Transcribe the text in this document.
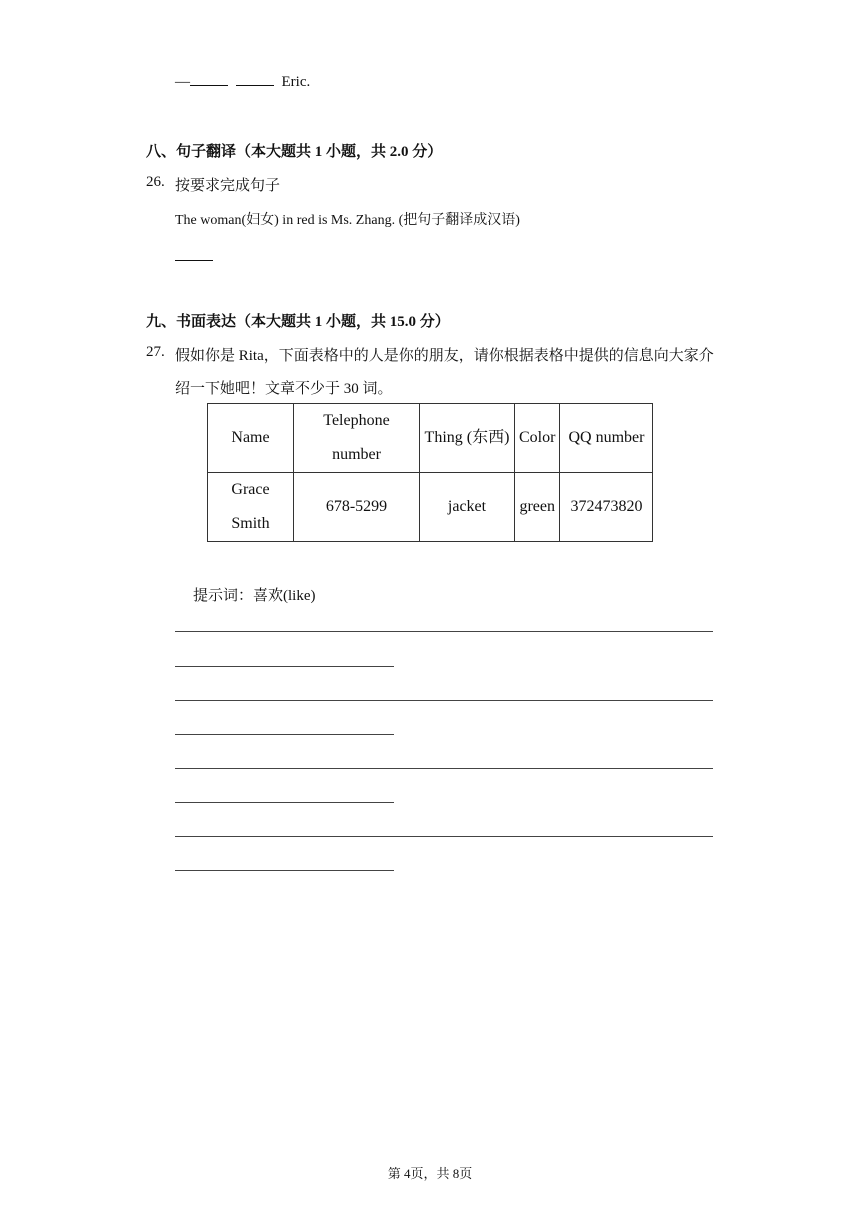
—	Eric.
八、句子翻译（本大题共 1 小题，共 2.0 分）
26. 按要求完成句子
The woman(妇女) in red is Ms. Zhang. (把句子翻译成汉语)
九、书面表达（本大题共 1 小题，共 15.0 分）
27. 假如你是 Rita，下面表格中的人是你的朋友，请你根据表格中提供的信息向大家介
绍一下她吧！文章不少于 30 词。
Name	Telephone number	Thing (东西)	Color	QQ number

Grace Smith	678-5299	jacket	green	372473820
提示词：喜欢(like)
第 4页，共 8页
